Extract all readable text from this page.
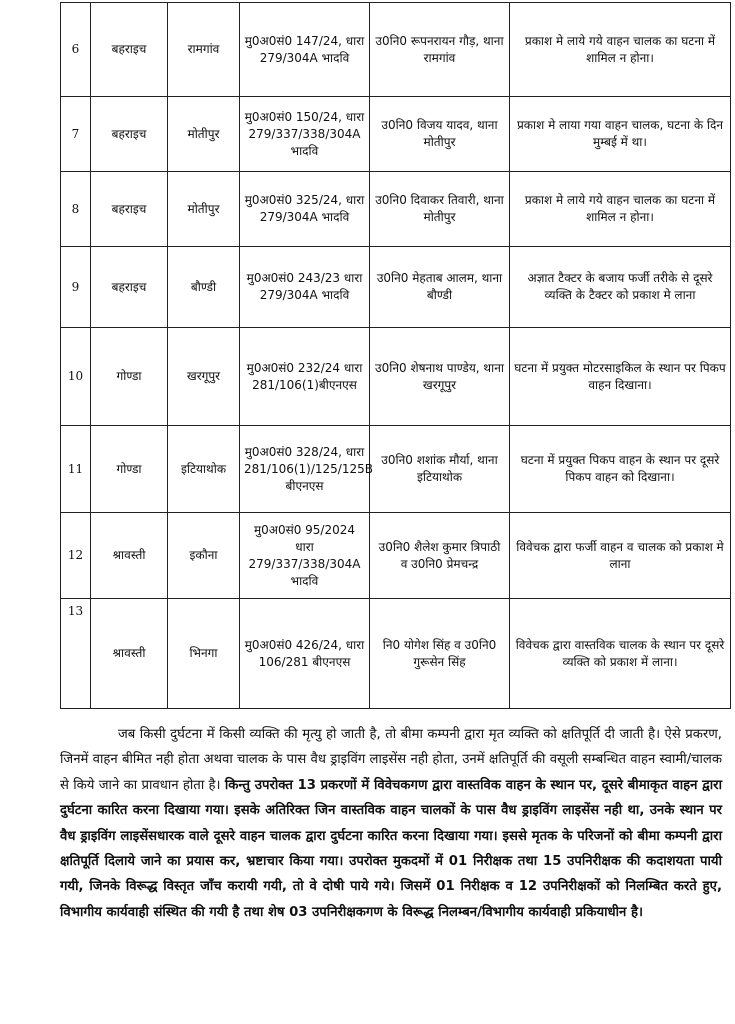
6	बहराइच	रामगांव	मु0अ0सं0 147/24, धारा 279/304A भादवि	उ0नि0 रूपनरायन गौड़, थाना रामगांव	प्रकाश मे लाये गये वाहन चालक का घटना में शामिल न होना।
7	बहराइच	मोतीपुर	मु0अ0सं0 150/24, धारा 279/337/338/304A भादवि	उ0नि0 विजय यादव, थाना मोतीपुर	प्रकाश मे लाया गया वाहन चालक, घटना के दिन मुम्बई में था।
8	बहराइच	मोतीपुर	मु0अ0सं0 325/24, धारा 279/304A भादवि	उ0नि0 दिवाकर तिवारी, थाना मोतीपुर	प्रकाश मे लाये गये वाहन चालक का घटना में शामिल न होना।
9	बहराइच	बौण्डी	मु0अ0सं0 243/23 धारा 279/304A भादवि	उ0नि0 मेहताब आलम, थाना बौण्डी	अज्ञात टैक्टर के बजाय फर्जी तरीके से दूसरे व्यक्ति के टैक्टर को प्रकाश मे लाना
10	गोण्डा	खरगूपुर	मु0अ0सं0 232/24 धारा 281/106(1)बीएनएस	उ0नि0 शेषनाथ पाण्डेय, थाना खरगूपुर	घटना में प्रयुक्त मोटरसाइकिल के स्थान पर पिकप वाहन दिखाना।
11	गोण्डा	इटियाथोक	मु0अ0सं0 328/24, धारा 281/106(1)/125/125B बीएनएस	उ0नि0 शशांक मौर्या, थाना इटियाथोक	घटना में प्रयुक्त पिकप वाहन के स्थान पर दूसरे पिकप वाहन को दिखाना।
12	श्रावस्ती	इकौना	मु0अ0सं0 95/2024 धारा 279/337/338/304A भादवि	उ0नि0 शैलेश कुमार त्रिपाठी व उ0नि0 प्रेमचन्द्र	विवेचक द्वारा फर्जी वाहन व चालक को प्रकाश मे लाना
13	श्रावस्ती	भिनगा	मु0अ0सं0 426/24, धारा 106/281 बीएनएस	नि0 योगेश सिंह व उ0नि0 गुरूसेन सिंह	विवेचक द्वारा वास्तविक चालक के स्थान पर दूसरे व्यक्ति को प्रकाश में लाना।
जब किसी दुर्घटना में किसी व्यक्ति की मृत्यु हो जाती है, तो बीमा कम्पनी द्वारा मृत व्यक्ति को क्षतिपूर्ति दी जाती है। ऐसे प्रकरण, जिनमें वाहन बीमित नही होता अथवा चालक के पास वैध ड्राइविंग लाइसेंस नही होता, उनमें क्षतिपूर्ति की वसूली सम्बन्धित वाहन स्वामी/चालक से किये जाने का प्रावधान होता है। किन्तु उपरोक्त 13 प्रकरणों में विवेचकगण द्वारा वास्तविक वाहन के स्थान पर, दूसरे बीमाकृत वाहन द्वारा दुर्घटना कारित करना दिखाया गया। इसके अतिरिक्त जिन वास्तविक वाहन चालकों के पास वैध ड्राइविंग लाइसेंस नही था, उनके स्थान पर वैध ड्राइविंग लाइसेंसधारक वाले दूसरे वाहन चालक द्वारा दुर्घटना कारित करना दिखाया गया। इससे मृतक के परिजनों को बीमा कम्पनी द्वारा क्षतिपूर्ति दिलाये जाने का प्रयास कर, भ्रष्टाचार किया गया। उपरोक्त मुकदमों में 01 निरीक्षक तथा 15 उपनिरीक्षक की कदाशयता पायी गयी, जिनके विरूद्ध विस्तृत जाँच करायी गयी, तो वे दोषी पाये गये। जिसमें 01 निरीक्षक व 12 उपनिरीक्षकों को निलम्बित करते हुए, विभागीय कार्यवाही संस्थित की गयी है तथा शेष 03 उपनिरीक्षकगण के विरूद्ध निलम्बन/विभागीय कार्यवाही प्रकियाधीन है।
